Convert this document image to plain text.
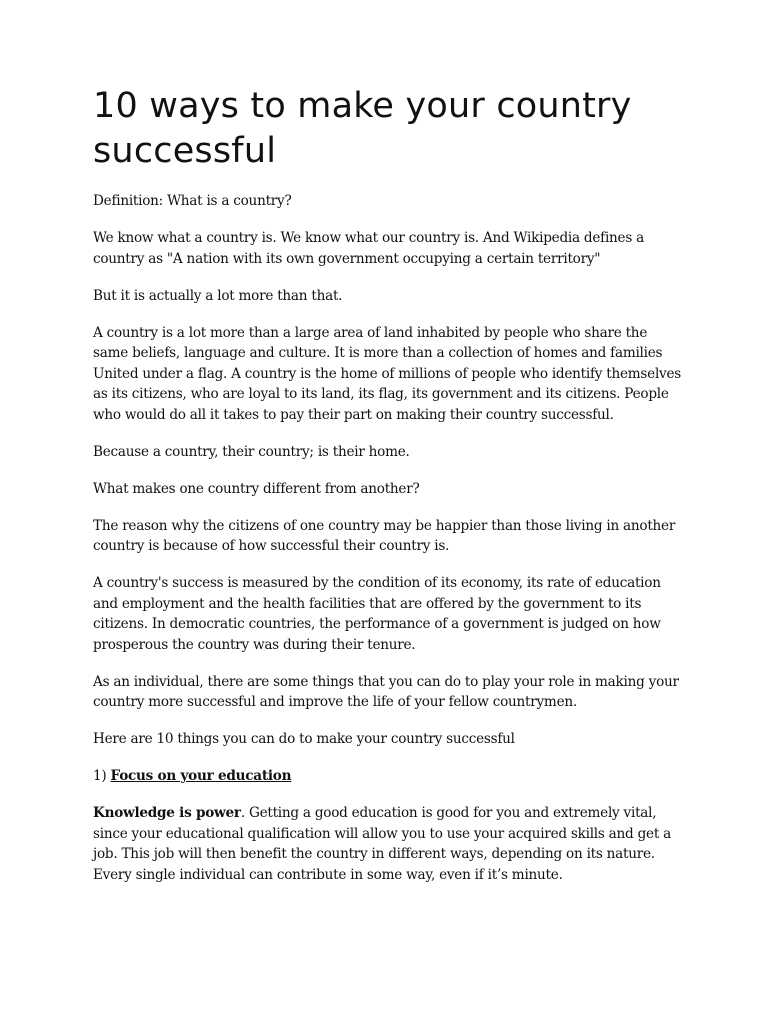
10 ways to make your country successful

Definition: What is a country?

We know what a country is. We know what our country is. And Wikipedia defines a country as "A nation with its own government occupying a certain territory"

But it is actually a lot more than that.

A country is a lot more than a large area of land inhabited by people who share the same beliefs, language and culture. It is more than a collection of homes and families United under a flag. A country is the home of millions of people who identify themselves as its citizens, who are loyal to its land, its flag, its government and its citizens. People who would do all it takes to pay their part on making their country successful.

Because a country, their country; is their home.

What makes one country different from another?

The reason why the citizens of one country may be happier than those living in another country is because of how successful their country is.

A country's success is measured by the condition of its economy, its rate of education and employment and the health facilities that are offered by the government to its citizens. In democratic countries, the performance of a government is judged on how prosperous the country was during their tenure.

As an individual, there are some things that you can do to play your role in making your country more successful and improve the life of your fellow countrymen.

Here are 10 things you can do to make your country successful

1) Focus on your education

Knowledge is power. Getting a good education is good for you and extremely vital, since your educational qualification will allow you to use your acquired skills and get a job. This job will then benefit the country in different ways, depending on its nature. Every single individual can contribute in some way, even if it’s minute.
